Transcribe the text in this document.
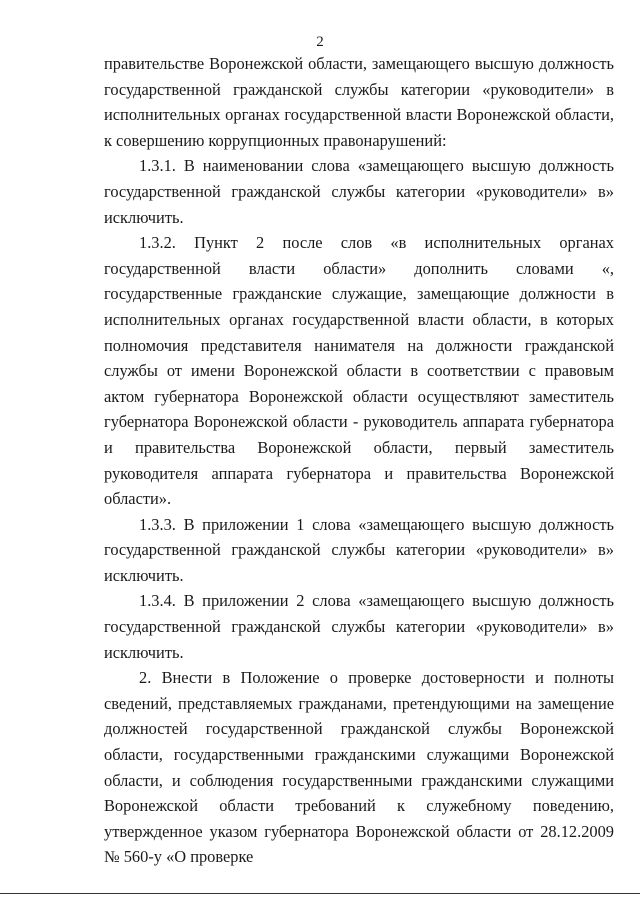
2

правительстве Воронежской области, замещающего высшую должность государственной гражданской службы категории «руководители» в исполнительных органах государственной власти Воронежской области, к совершению коррупционных правонарушений:

1.3.1. В наименовании слова «замещающего высшую должность государственной гражданской службы категории «руководители» в» исключить.

1.3.2. Пункт 2 после слов «в исполнительных органах государственной власти области» дополнить словами «, государственные гражданские служащие, замещающие должности в исполнительных органах государственной власти области, в которых полномочия представителя нанимателя на должности гражданской службы от имени Воронежской области в соответствии с правовым актом губернатора Воронежской области осуществляют заместитель губернатора Воронежской области - руководитель аппарата губернатора и правительства Воронежской области, первый заместитель руководителя аппарата губернатора и правительства Воронежской области».

1.3.3. В приложении 1 слова «замещающего высшую должность государственной гражданской службы категории «руководители» в» исключить.

1.3.4. В приложении 2 слова «замещающего высшую должность государственной гражданской службы категории «руководители» в» исключить.

2. Внести в Положение о проверке достоверности и полноты сведений, представляемых гражданами, претендующими на замещение должностей государственной гражданской службы Воронежской области, государственными гражданскими служащими Воронежской области, и соблюдения государственными гражданскими служащими Воронежской области требований к служебному поведению, утвержденное указом губернатора Воронежской области от 28.12.2009 № 560-у «О проверке
